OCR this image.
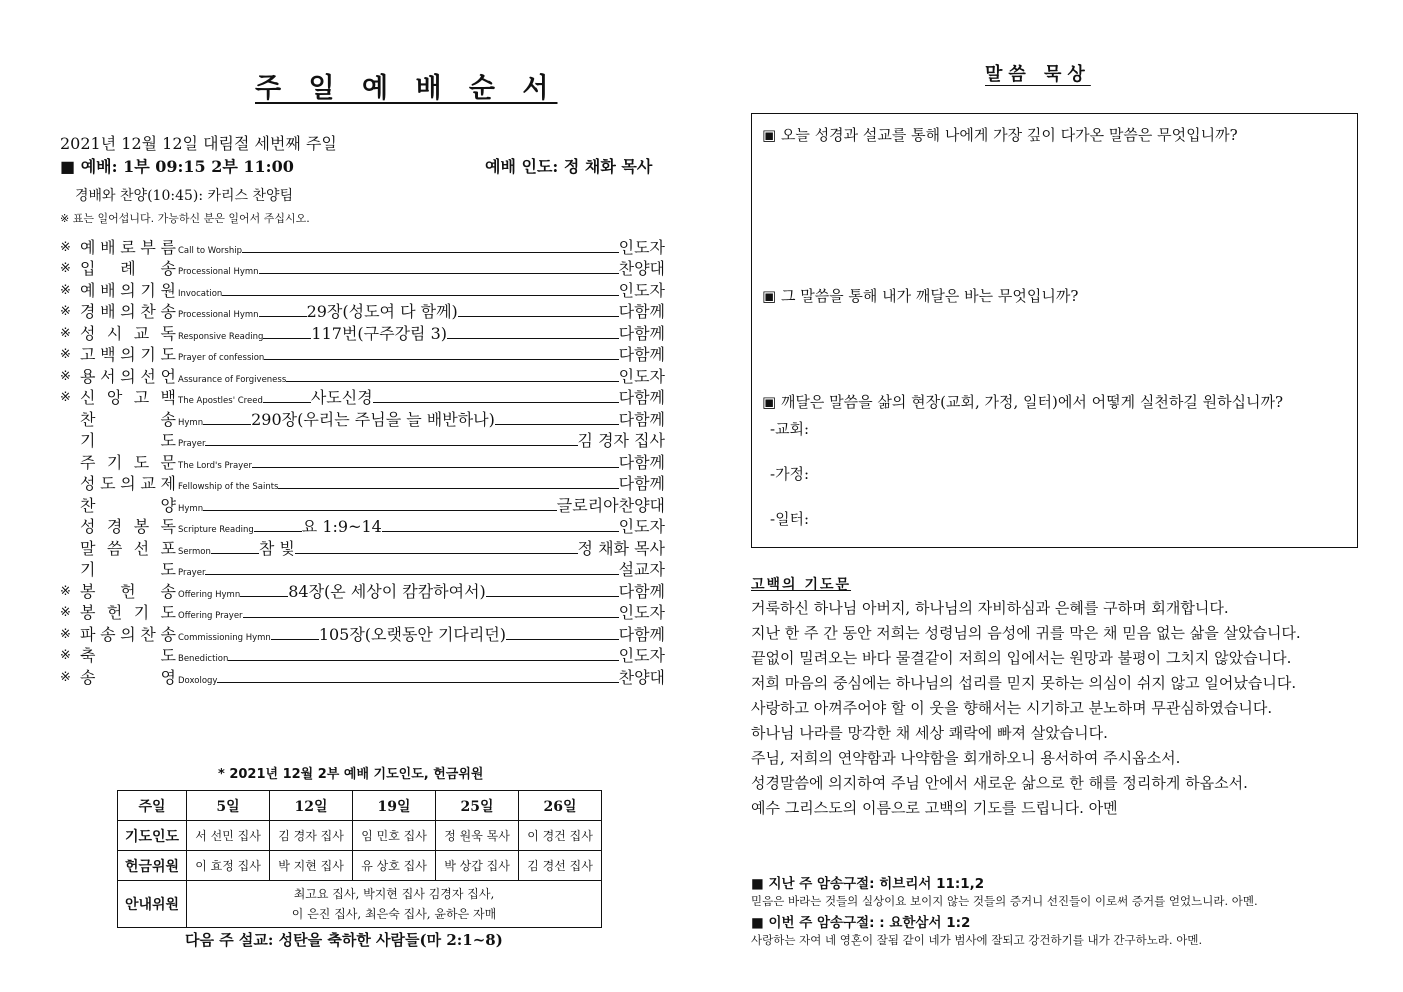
주 일 예 배 순 서
2021년 12월 12일 대림절 세번째 주일
■ 예배: 1부 09:15 2부 11:00	예배 인도: 정 채화 목사
경배와 찬양(10:45): 카리스 찬양팀
※ 표는 일어섭니다. 가능하신 분은 일어서 주십시오.
※ 예 배 로 부 름 Call to Worship	인도자
※ 입 례 송 Processional Hymn	찬양대
※ 예 배 의 기 원 Invocation	인도자
※ 경 배 의 찬 송 Processional Hymn	29장(성도여 다 함께)	다함께
※ 성 시 교 독 Responsive Reading	117번(구주강림 3)	다함께
※ 고 백 의 기 도 Prayer of confession	다함께
※ 용 서 의 선 언 Assurance of Forgiveness	인도자
※ 신 앙 고 백 The Apostles' Creed	사도신경	다함께
찬	송 Hymn	290장(우리는 주님을 늘 배반하나)	다함께
기	도 Prayer	김 경자 집사
주 기 도 문 The Lord's Prayer	다함께
성 도 의 교 제 Fellowship of the Saints	다함께
찬	양 Hymn	글로리아찬양대
성 경 봉 독 Scripture Reading	요 1:9~14	인도자
말 씀 선 포 Sermon	참 빛	정 채화 목사
기	도 Prayer	설교자
※ 봉 헌 송 Offering Hymn	84장(온 세상이 캄캄하여서)	다함께
※ 봉 헌 기 도 Offering Prayer	인도자
※ 파 송 의 찬 송 Commissioning Hymn	105장(오랫동안 기다리던)	다함께
※ 축	도 Benediction	인도자
※ 송	영 Doxology	찬양대
* 2021년 12월 2부 예배 기도인도, 헌금위원
주일	5일	12일	19일	25일	26일
기도인도	서 선민 집사	김 경자 집사	임 민호 집사	정 원욱 목사	이 경건 집사
헌금위원	이 효정 집사	박 지현 집사	유 상호 집사	박 상갑 집사	김 경선 집사
안내위원	최고요 집사, 박지현 집사 김경자 집사,
이 은진 집사, 최은숙 집사, 윤하은 자매				
다음 주 설교: 성탄을 축하한 사람들(마 2:1~8)
말씀 묵상
▣ 오늘 성경과 설교를 통해 나에게 가장 깊이 다가온 말씀은 무엇입니까?
▣ 그 말씀을 통해 내가 깨달은 바는 무엇입니까?
▣ 깨달은 말씀을 삶의 현장(교회, 가정, 일터)에서 어떻게 실천하길 원하십니까?
-교회:
-가정:
-일터:
고백의 기도문
거룩하신 하나님 아버지, 하나님의 자비하심과 은혜를 구하며 회개합니다.
지난 한 주 간 동안 저희는 성령님의 음성에 귀를 막은 채 믿음 없는 삶을 살았습니다.
끝없이 밀려오는 바다 물결같이 저희의 입에서는 원망과 불평이 그치지 않았습니다.
저희 마음의 중심에는 하나님의 섭리를 믿지 못하는 의심이 쉬지 않고 일어났습니다.
사랑하고 아껴주어야 할 이 웃을 향해서는 시기하고 분노하며 무관심하였습니다.
하나님 나라를 망각한 채 세상 쾌락에 빠져 살았습니다.
주님, 저희의 연약함과 나약함을 회개하오니 용서하여 주시옵소서.
성경말씀에 의지하여 주님 안에서 새로운 삶으로 한 해를 정리하게 하옵소서.
예수 그리스도의 이름으로 고백의 기도를 드립니다. 아멘
■ 지난 주 암송구절: 히브리서 11:1,2
믿음은 바라는 것들의 실상이요 보이지 않는 것들의 증거니 선진들이 이로써 증거를 얻었느니라. 아멘.
■ 이번 주 암송구절: : 요한삼서 1:2
사랑하는 자여 네 영혼이 잘됨 같이 네가 범사에 잘되고 강건하기를 내가 간구하노라. 아멘.
